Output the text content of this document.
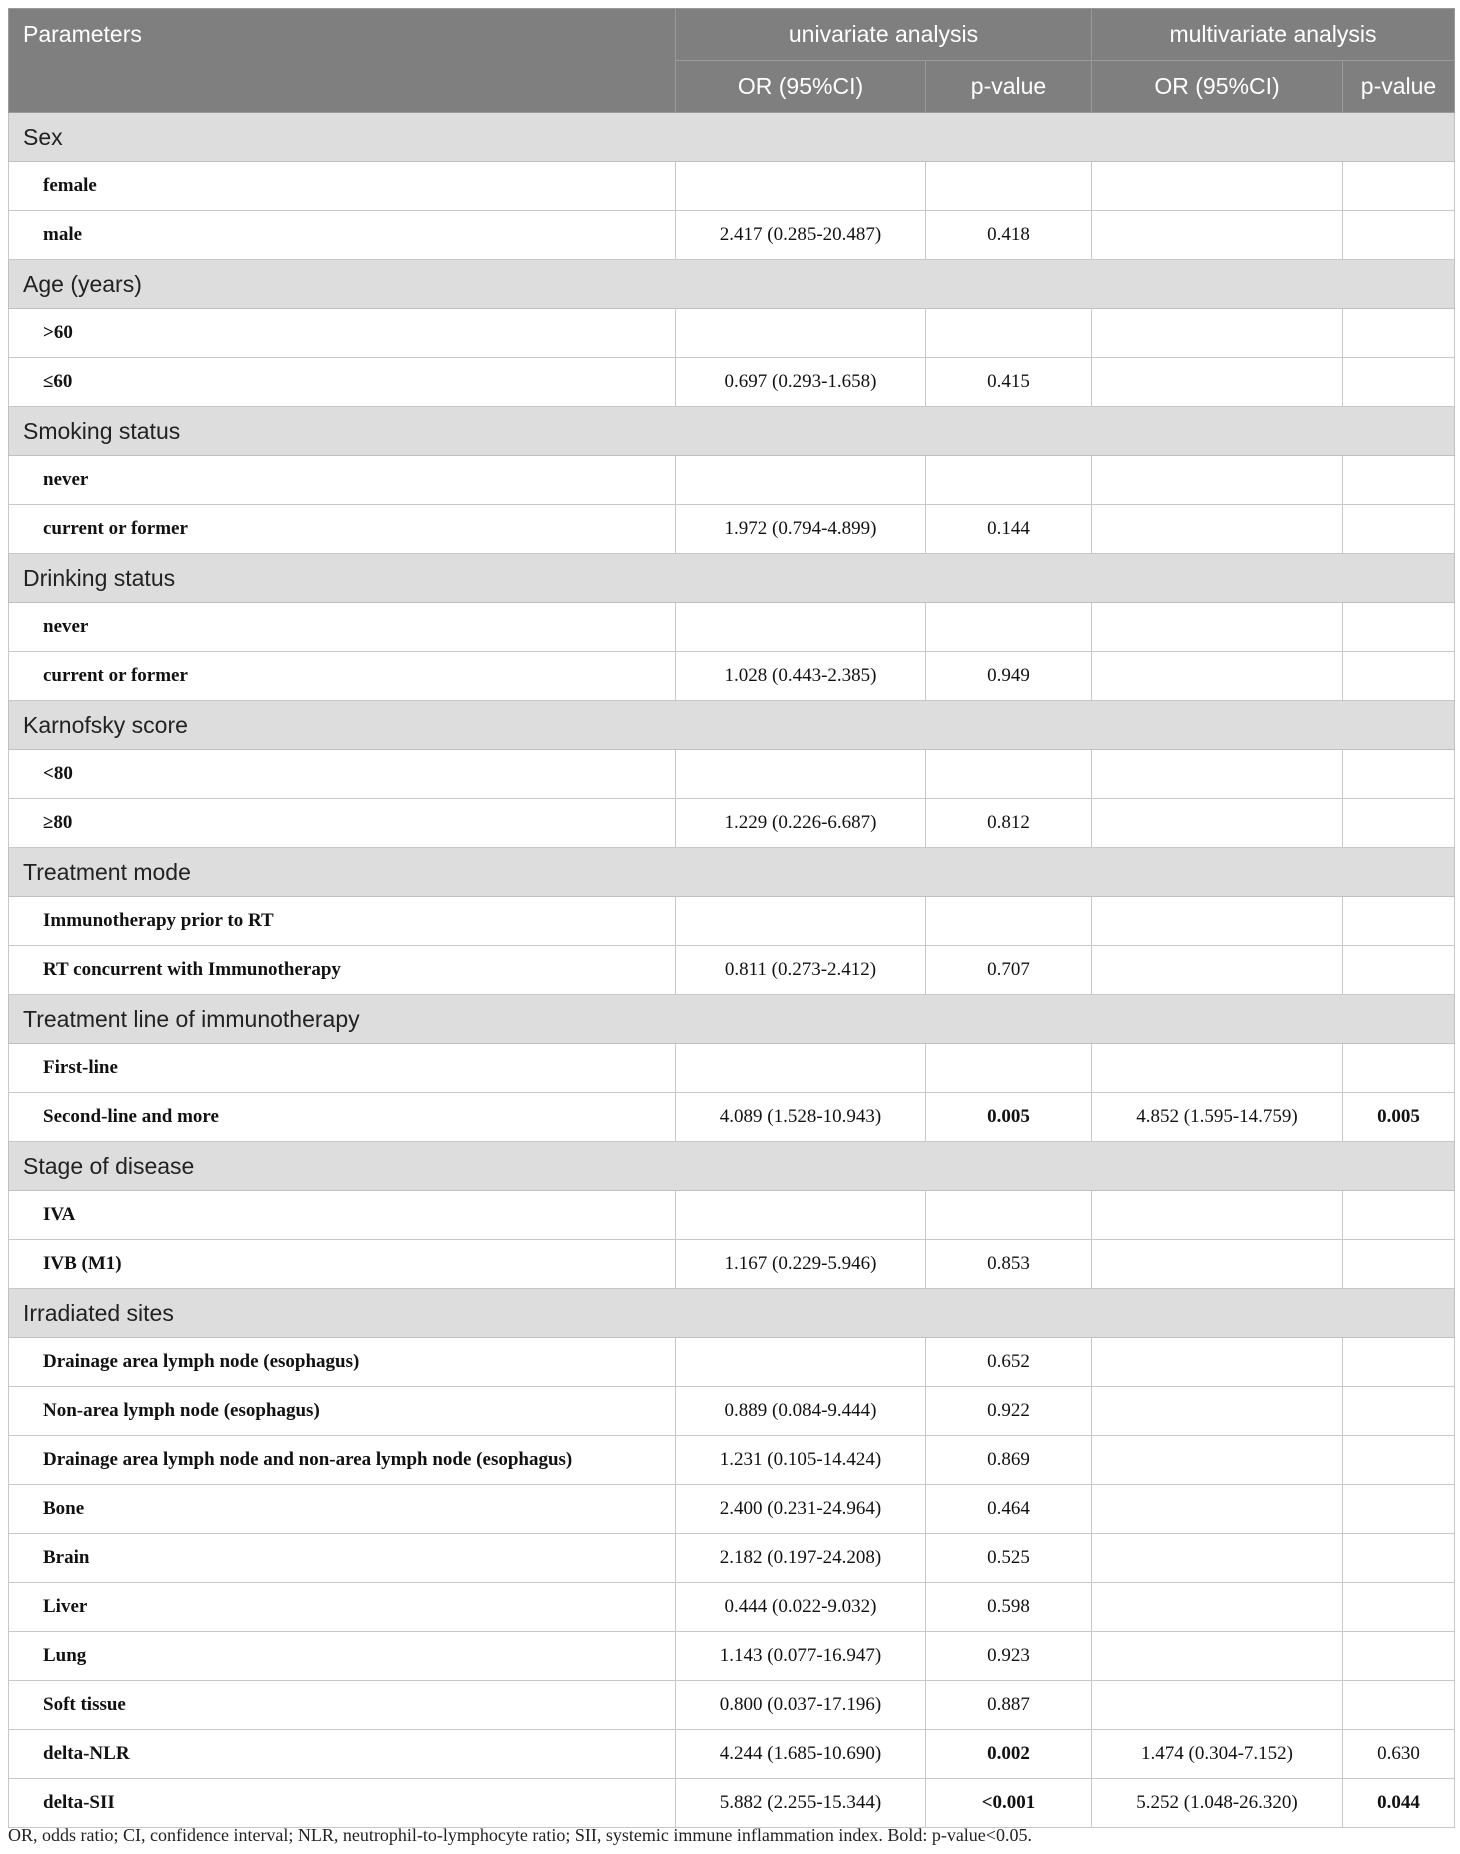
Parameters	univariate analysis		multivariate analysis	
	OR (95%CI)	p-value	OR (95%CI)	p-value
Sex				
female				
male	2.417 (0.285-20.487)	0.418		
Age (years)				
>60				
≤60	0.697 (0.293-1.658)	0.415		
Smoking status				
never				
current or former	1.972 (0.794-4.899)	0.144		
Drinking status				
never				
current or former	1.028 (0.443-2.385)	0.949		
Karnofsky score				
<80				
≥80	1.229 (0.226-6.687)	0.812		
Treatment mode				
Immunotherapy prior to RT				
RT concurrent with Immunotherapy	0.811 (0.273-2.412)	0.707		
Treatment line of immunotherapy				
First-line				
Second-line and more	4.089 (1.528-10.943)	0.005	4.852 (1.595-14.759)	0.005
Stage of disease				
IVA				
IVB (M1)	1.167 (0.229-5.946)	0.853		
Irradiated sites				
Drainage area lymph node (esophagus)		0.652		
Non-area lymph node (esophagus)	0.889 (0.084-9.444)	0.922		
Drainage area lymph node and non-area lymph node (esophagus)	1.231 (0.105-14.424)	0.869		
Bone	2.400 (0.231-24.964)	0.464		
Brain	2.182 (0.197-24.208)	0.525		
Liver	0.444 (0.022-9.032)	0.598		
Lung	1.143 (0.077-16.947)	0.923		
Soft tissue	0.800 (0.037-17.196)	0.887		
delta-NLR	4.244 (1.685-10.690)	0.002	1.474 (0.304-7.152)	0.630
delta-SII	5.882 (2.255-15.344)	<0.001	5.252 (1.048-26.320)	0.044
OR, odds ratio; CI, confidence interval; NLR, neutrophil-to-lymphocyte ratio; SII, systemic immune inflammation index. Bold: p-value<0.05.
